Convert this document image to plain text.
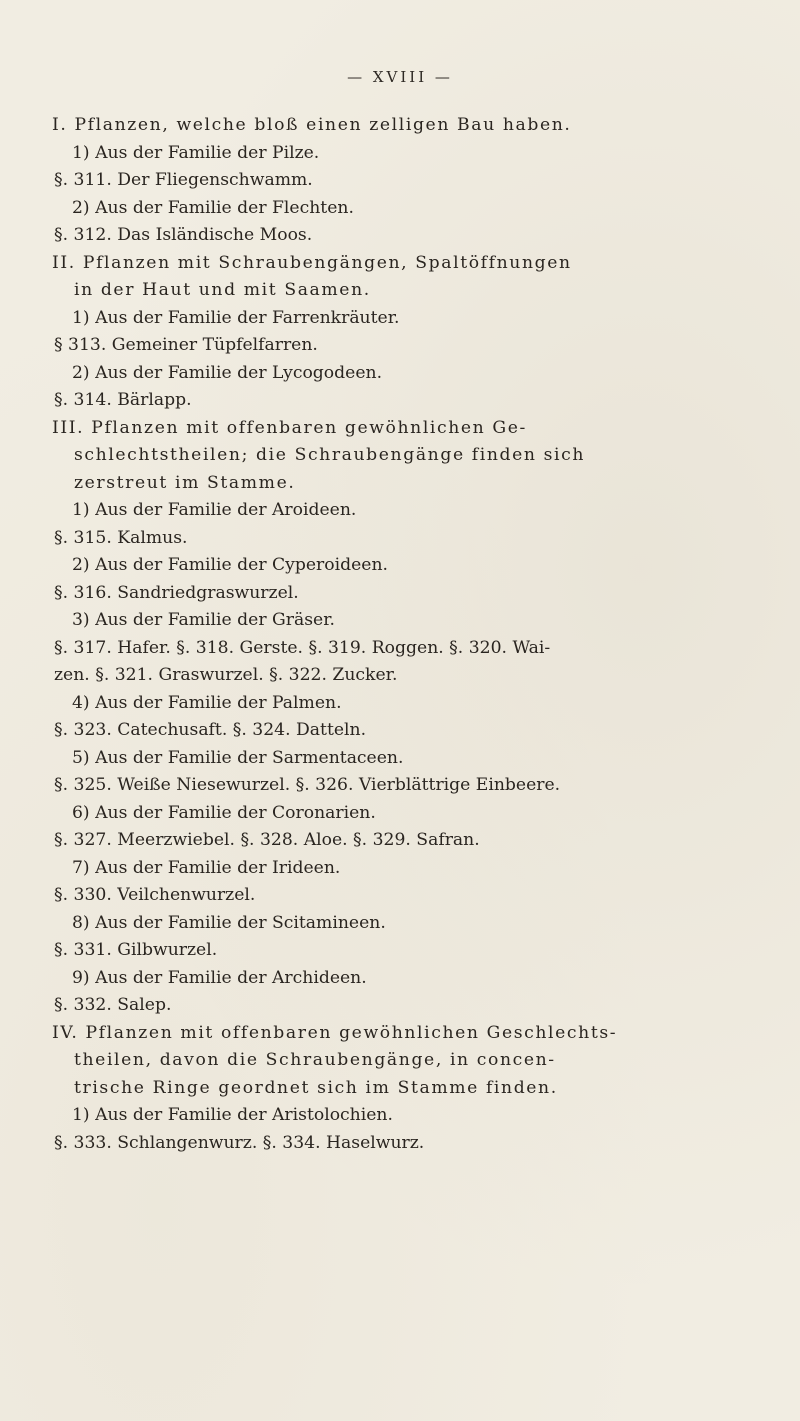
— XVIII —
I. Pflanzen, welche bloß einen zelligen Bau haben.
1) Aus der Familie der Pilze.
§. 311. Der Fliegenschwamm.
2) Aus der Familie der Flechten.
§. 312. Das Isländische Moos.
II. Pflanzen mit Schraubengängen, Spaltöffnungen
in der Haut und mit Saamen.
1) Aus der Familie der Farrenkräuter.
§ 313. Gemeiner Tüpfelfarren.
2) Aus der Familie der Lycogodeen.
§. 314. Bärlapp.
III. Pflanzen mit offenbaren gewöhnlichen Ge-
schlechtstheilen; die Schraubengänge finden sich
zerstreut im Stamme.
1) Aus der Familie der Aroideen.
§. 315. Kalmus.
2) Aus der Familie der Cyperoideen.
§. 316. Sandriedgraswurzel.
3) Aus der Familie der Gräser.
§. 317. Hafer. §. 318. Gerste. §. 319. Roggen. §. 320. Wai-
zen. §. 321. Graswurzel. §. 322. Zucker.
4) Aus der Familie der Palmen.
§. 323. Catechusaft. §. 324. Datteln.
5) Aus der Familie der Sarmentaceen.
§. 325. Weiße Niesewurzel. §. 326. Vierblättrige Einbeere.
6) Aus der Familie der Coronarien.
§. 327. Meerzwiebel. §. 328. Aloe. §. 329. Safran.
7) Aus der Familie der Irideen.
§. 330. Veilchenwurzel.
8) Aus der Familie der Scitamineen.
§. 331. Gilbwurzel.
9) Aus der Familie der Archideen.
§. 332. Salep.
IV. Pflanzen mit offenbaren gewöhnlichen Geschlechts-
theilen, davon die Schraubengänge, in concen-
trische Ringe geordnet sich im Stamme finden.
1) Aus der Familie der Aristolochien.
§. 333. Schlangenwurz. §. 334. Haselwurz.
